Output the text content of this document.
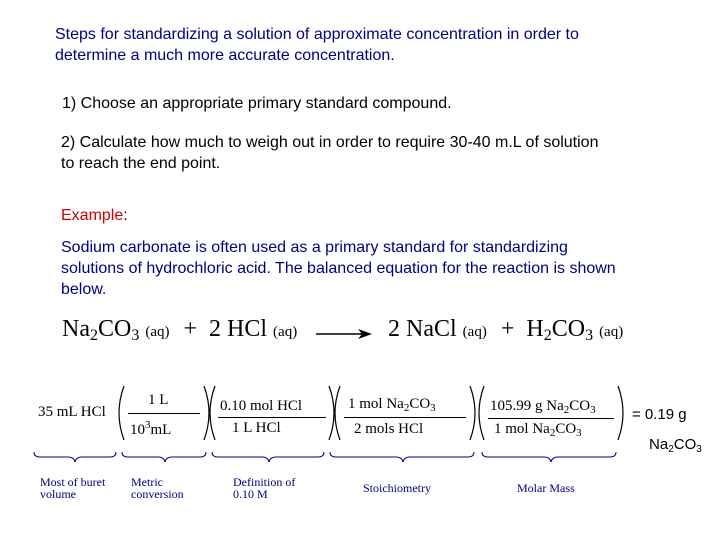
Steps for standardizing a solution of approximate concentration in order to
determine a much more accurate concentration.
1) Choose an appropriate primary standard compound.
2) Calculate how much to weigh out in order to require 30-40 m.L of solution
to reach the end point.
Example:
Sodium carbonate is often used as a primary standard for standardizing
solutions of hydrochloric acid. The balanced equation for the reaction is shown
below.
$Na_2CO_3$ (aq) + 2 HCl (aq) → 2 NaCl $(aq) + H_2CO_3$ (aq)
35 mL HCl
1 L
$10^3mL$
0.10 mol HCl
1 L HCl
1 mol $Na_2CO_3$
2 mols HCl
105.99 g $Na_2CO_3$
1 mol $Na_2CO_3$
= 0.19 g
$Na_2CO_3$
Most of buret
volume
Metric
conversion
Definition of
0.10 M	Stoichiometry	Molar Mass
